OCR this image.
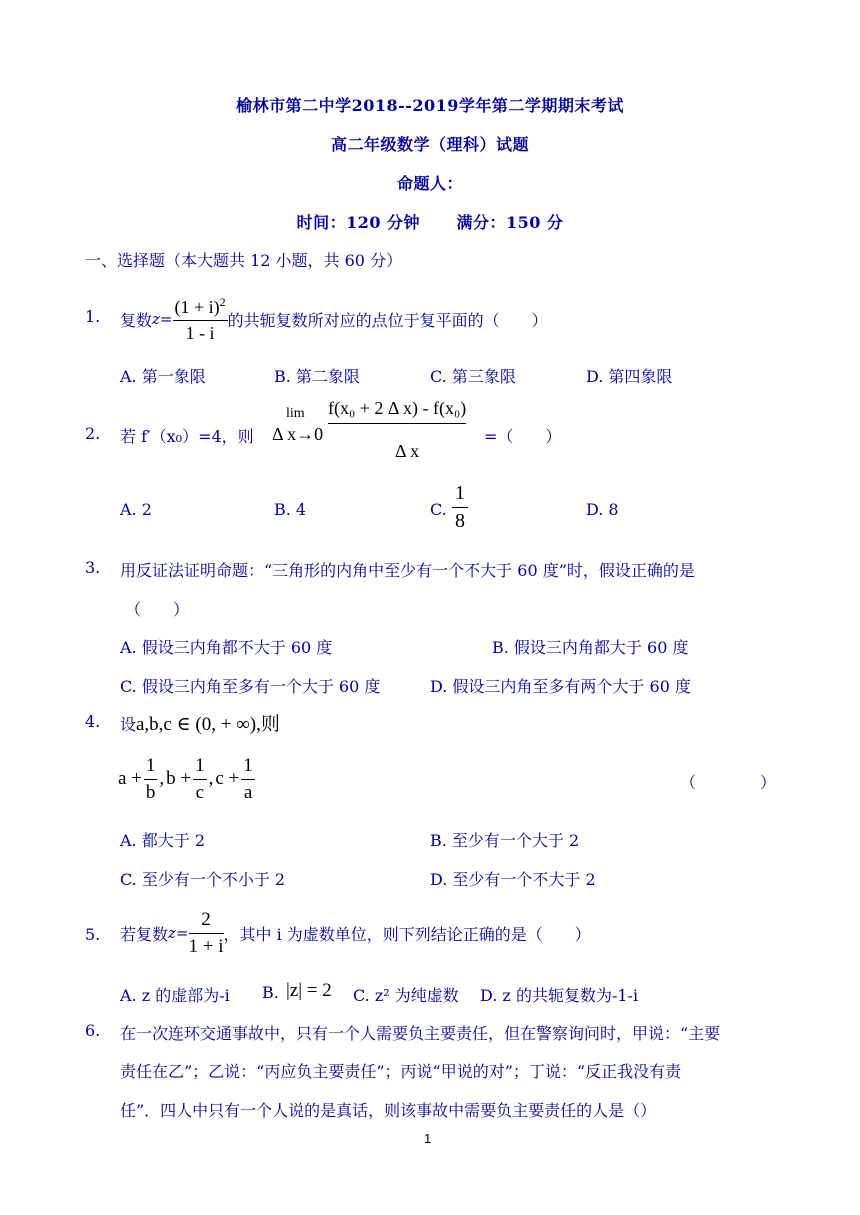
榆林市第二中学2018--2019学年第二学期期末考试
高二年级数学（理科）试题
命题人：
时间：120 分钟      满分：150 分
一、选择题（本大题共 12 小题，共 60 分）
1. 复数 $z= \frac{(1 + i)^2}{1 - i}$ 的共轭复数所对应的点位于复平面的（　　）
A. 第一象限	B. 第二象限	C. 第三象限	D. 第四象限
2. 若 f′（x₀）=4，则
lim
Δ x→0
f(x₀ + 2 Δ x) - f(x₀)
Δ x
=（　　）
A. 2	B. 4	C. $\frac{1}{8}$	D. 8
3. 用反证法证明命题：“三角形的内角中至少有一个不大于 60 度”时，假设正确的是
（　　）
A. 假设三内角都不大于 60 度	B. 假设三内角都大于 60 度
C. 假设三内角至多有一个大于 60 度	D. 假设三内角至多有两个大于 60 度
4. 设 a,b,c ∈ (0, + ∞),则
$a + \frac{1}{b}$ , $b + \frac{1}{c}$ , $c + \frac{1}{a}$	（　　　　）
A. 都大于 2	B. 至少有一个大于 2
C. 至少有一个不小于 2	D. 至少有一个不大于 2
5. 若复数 $z= \frac{2}{1 + i}$ ，其中 i 为虚数单位，则下列结论正确的是（　　）
A. z 的虚部为-i B. |z| = 2 C. z² 为纯虚数 D. z 的共轭复数为-1-i
6. 在一次连环交通事故中，只有一个人需要负主要责任，但在警察询问时，甲说：“主要
责任在乙”；乙说：“丙应负主要责任”；丙说“甲说的对”；丁说：“反正我没有责
任”．四人中只有一个人说的是真话，则该事故中需要负主要责任的人是（）
1
